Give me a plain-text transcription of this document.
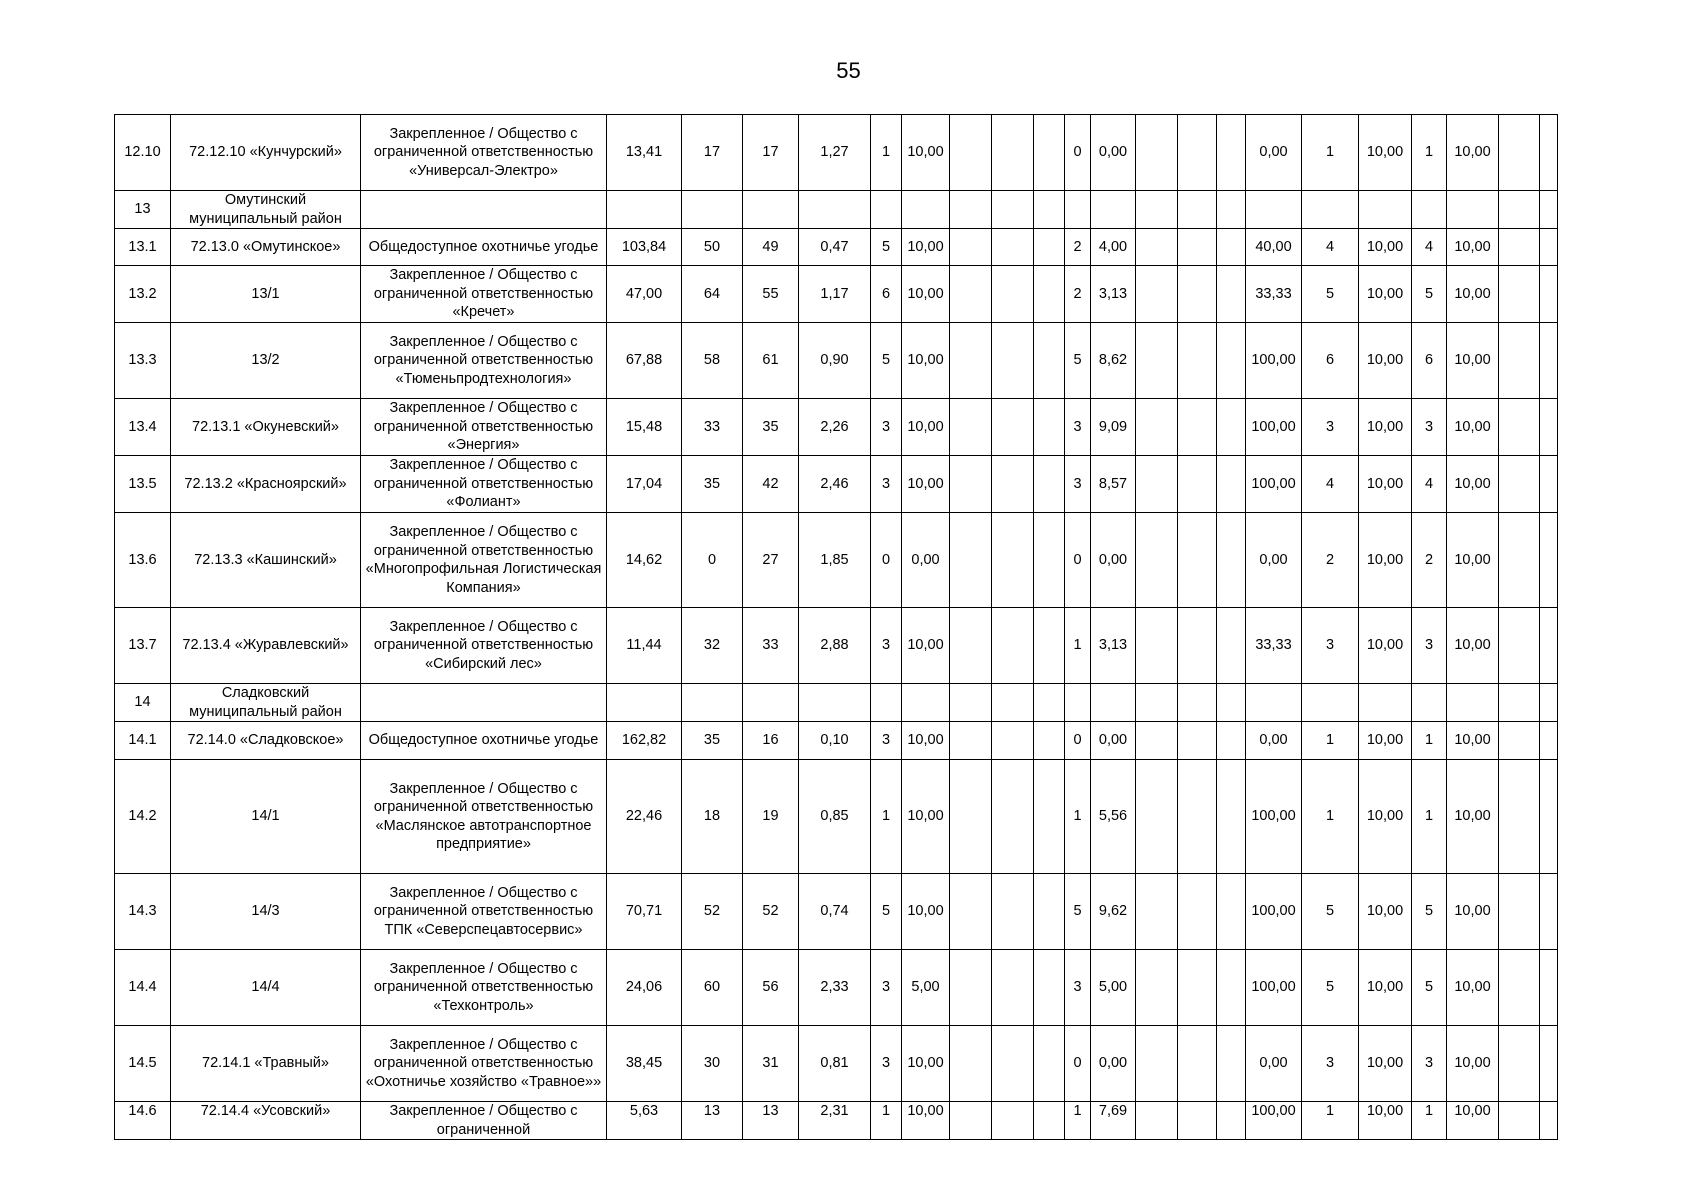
55
12.10	72.12.10 «Кунчурский»	Закрепленное / Общество с ограниченной ответственностью «Универсал-Электро»	13,41	17	17	1,27	1	10,00				0	0,00				0,00	1	10,00	1	10,00		
13	Омутинский муниципальный район																						
13.1	72.13.0 «Омутинское»	Общедоступное охотничье угодье	103,84	50	49	0,47	5	10,00				2	4,00				40,00	4	10,00	4	10,00		
13.2	13/1	Закрепленное / Общество с ограниченной ответственностью «Кречет»	47,00	64	55	1,17	6	10,00				2	3,13				33,33	5	10,00	5	10,00		
13.3	13/2	Закрепленное / Общество с ограниченной ответственностью «Тюменьпродтехнология»	67,88	58	61	0,90	5	10,00				5	8,62				100,00	6	10,00	6	10,00		
13.4	72.13.1 «Окуневский»	Закрепленное / Общество с ограниченной ответственностью «Энергия»	15,48	33	35	2,26	3	10,00				3	9,09				100,00	3	10,00	3	10,00		
13.5	72.13.2 «Красноярский»	Закрепленное / Общество с ограниченной ответственностью «Фолиант»	17,04	35	42	2,46	3	10,00				3	8,57				100,00	4	10,00	4	10,00		
13.6	72.13.3 «Кашинский»	Закрепленное / Общество с ограниченной ответственностью «Многопрофильная Логистическая Компания»	14,62	0	27	1,85	0	0,00				0	0,00				0,00	2	10,00	2	10,00		
13.7	72.13.4 «Журавлевский»	Закрепленное / Общество с ограниченной ответственностью «Сибирский лес»	11,44	32	33	2,88	3	10,00				1	3,13				33,33	3	10,00	3	10,00		
14	Сладковский муниципальный район																						
14.1	72.14.0 «Сладковское»	Общедоступное охотничье угодье	162,82	35	16	0,10	3	10,00				0	0,00				0,00	1	10,00	1	10,00		
14.2	14/1	Закрепленное / Общество с ограниченной ответственностью «Маслянское автотранспортное предприятие»	22,46	18	19	0,85	1	10,00				1	5,56				100,00	1	10,00	1	10,00		
14.3	14/3	Закрепленное / Общество с ограниченной ответственностью ТПК «Северспецавтосервис»	70,71	52	52	0,74	5	10,00				5	9,62				100,00	5	10,00	5	10,00		
14.4	14/4	Закрепленное / Общество с ограниченной ответственностью «Техконтроль»	24,06	60	56	2,33	3	5,00				3	5,00				100,00	5	10,00	5	10,00		
14.5	72.14.1 «Травный»	Закрепленное / Общество с ограниченной ответственностью «Охотничье хозяйство «Травное»»	38,45	30	31	0,81	3	10,00				0	0,00				0,00	3	10,00	3	10,00		
14.6	72.14.4 «Усовский»	Закрепленное / Общество с ограниченной	5,63	13	13	2,31	1	10,00				1	7,69				100,00	1	10,00	1	10,00		
